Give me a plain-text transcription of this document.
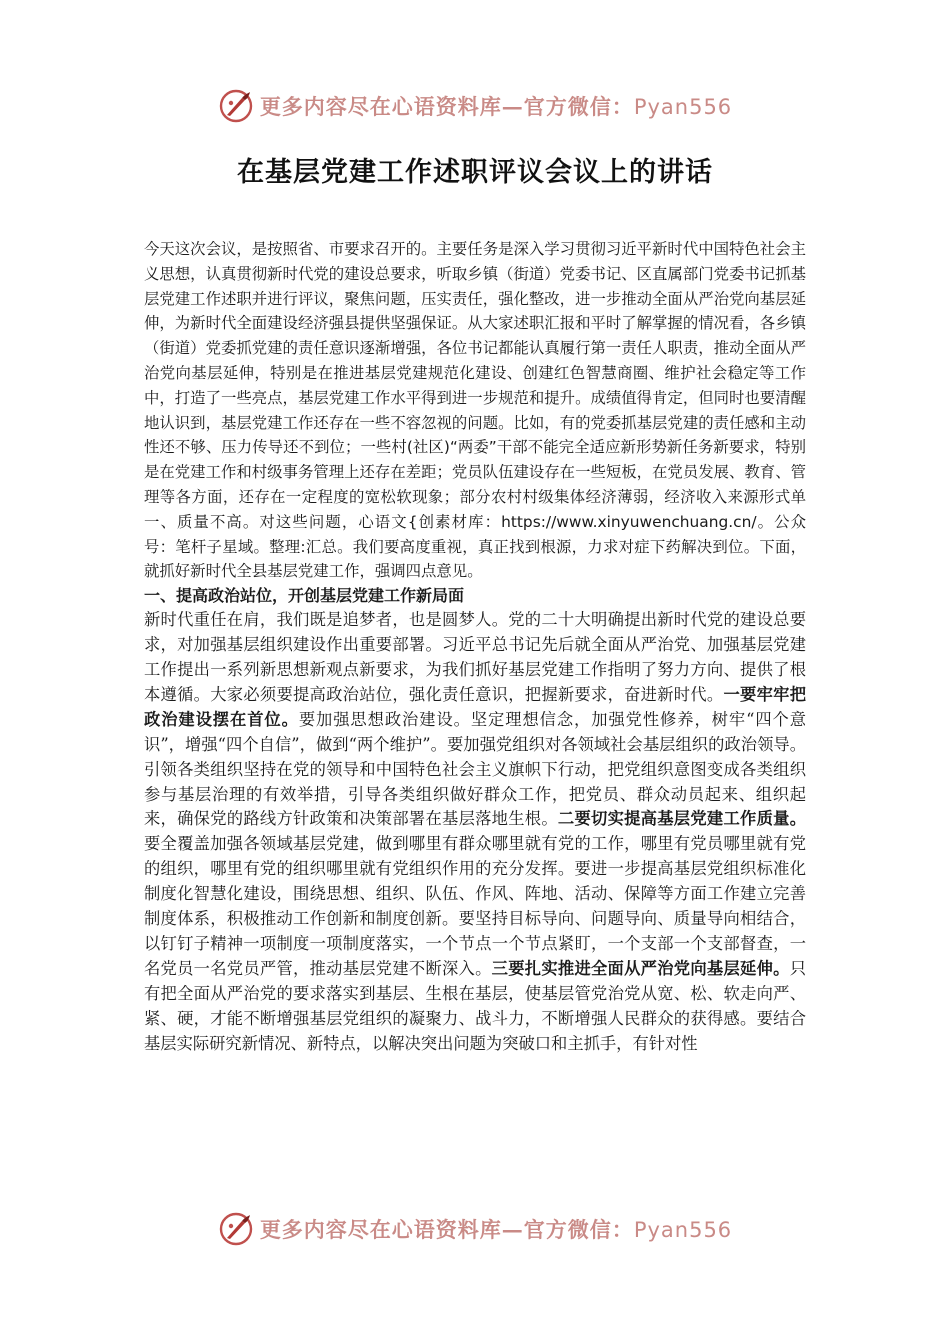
更多内容尽在心语资料库—官方微信：Pyan556
在基层党建工作述职评议会议上的讲话

今天这次会议，是按照省、市要求召开的。主要任务是深入学习贯彻习近平新时代中国特色社会主义思想，认真贯彻新时代党的建设总要求，听取乡镇（街道）党委书记、区直属部门党委书记抓基层党建工作述职并进行评议，聚焦问题，压实责任，强化整改，进一步推动全面从严治党向基层延伸，为新时代全面建设经济强县提供坚强保证。从大家述职汇报和平时了解掌握的情况看，各乡镇（街道）党委抓党建的责任意识逐渐增强，各位书记都能认真履行第一责任人职责，推动全面从严治党向基层延伸，特别是在推进基层党建规范化建设、创建红色智慧商圈、维护社会稳定等工作中，打造了一些亮点，基层党建工作水平得到进一步规范和提升。成绩值得肯定，但同时也要清醒地认识到，基层党建工作还存在一些不容忽视的问题。比如，有的党委抓基层党建的责任感和主动性还不够、压力传导还不到位；一些村(社区)“两委”干部不能完全适应新形势新任务新要求，特别是在党建工作和村级事务管理上还存在差距；党员队伍建设存在一些短板，在党员发展、教育、管理等各方面，还存在一定程度的宽松软现象；部分农村村级集体经济薄弱，经济收入来源形式单一、质量不高。对这些问题，心语文{创素材库：https://www.xinyuwenchuang.cn/。公众号：笔杆子星域。整理:汇总。我们要高度重视，真正找到根源，力求对症下药解决到位。下面，就抓好新时代全县基层党建工作，强调四点意见。

一、提高政治站位，开创基层党建工作新局面

新时代重任在肩，我们既是追梦者，也是圆梦人。党的二十大明确提出新时代党的建设总要求，对加强基层组织建设作出重要部署。习近平总书记先后就全面从严治党、加强基层党建工作提出一系列新思想新观点新要求，为我们抓好基层党建工作指明了努力方向、提供了根本遵循。大家必须要提高政治站位，强化责任意识，把握新要求，奋进新时代。一要牢牢把政治建设摆在首位。要加强思想政治建设。坚定理想信念，加强党性修养，树牢“四个意识”，增强“四个自信”，做到“两个维护”。要加强党组织对各领域社会基层组织的政治领导。引领各类组织坚持在党的领导和中国特色社会主义旗帜下行动，把党组织意图变成各类组织参与基层治理的有效举措，引导各类组织做好群众工作，把党员、群众动员起来、组织起来，确保党的路线方针政策和决策部署在基层落地生根。二要切实提高基层党建工作质量。要全覆盖加强各领域基层党建，做到哪里有群众哪里就有党的工作，哪里有党员哪里就有党的组织，哪里有党的组织哪里就有党组织作用的充分发挥。要进一步提高基层党组织标准化制度化智慧化建设，围绕思想、组织、队伍、作风、阵地、活动、保障等方面工作建立完善制度体系，积极推动工作创新和制度创新。要坚持目标导向、问题导向、质量导向相结合，以钉钉子精神一项制度一项制度落实，一个节点一个节点紧盯，一个支部一个支部督查，一名党员一名党员严管，推动基层党建不断深入。三要扎实推进全面从严治党向基层延伸。只有把全面从严治党的要求落实到基层、生根在基层，使基层管党治党从宽、松、软走向严、紧、硬，才能不断增强基层党组织的凝聚力、战斗力，不断增强人民群众的获得感。要结合基层实际研究新情况、新特点，以解决突出问题为突破口和主抓手，有针对性

更多内容尽在心语资料库—官方微信：Pyan556
